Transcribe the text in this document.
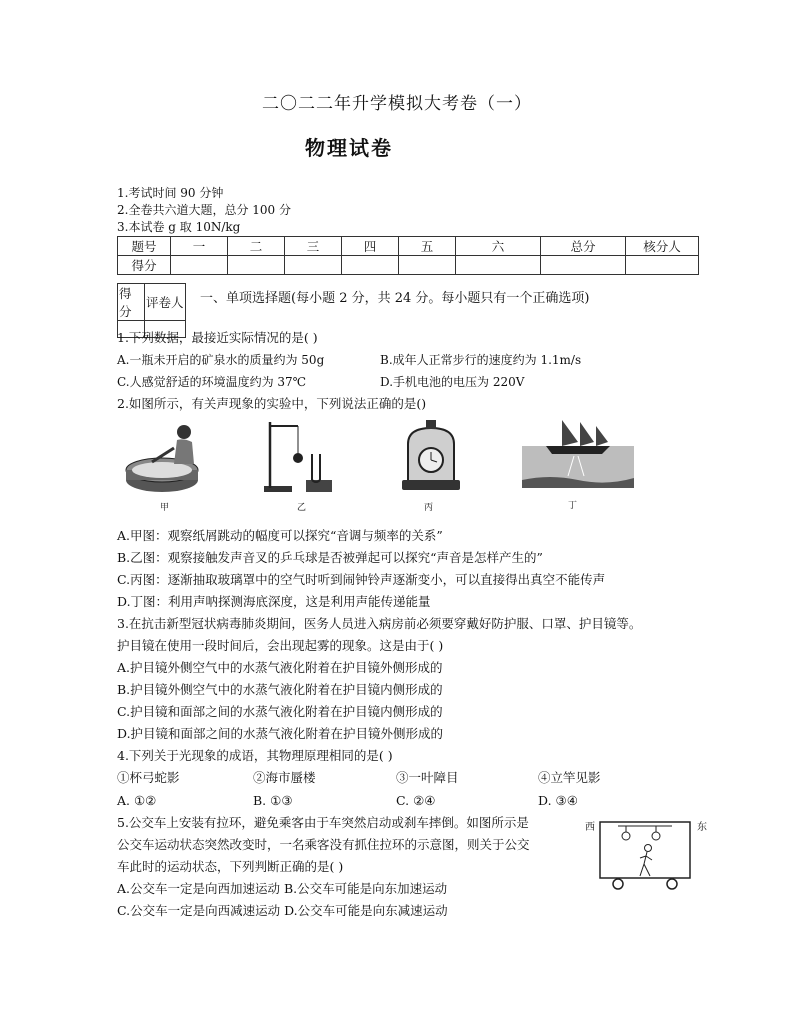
二〇二二年升学模拟大考卷（一）
物理试卷
1.考试时间 90 分钟
2.全卷共六道大题，总分 100 分
3.本试卷 g 取 10N/kg
题号	一	二	三	四	五	六	总分	核分人
得分								
得分	评卷人
	一、单项选择题(每小题 2 分，共 24 分。每小题只有一个正确选项)
1.下列数据，最接近实际情况的是( )
A.一瓶未开启的矿泉水的质量约为 50g	B.成年人正常步行的速度约为 1.1m/s
C.人感觉舒适的环境温度约为 37℃	D.手机电池的电压为 220V
2.如图所示，有关声现象的实验中，下列说法正确的是()
甲	乙	丙	丁
A.甲图：观察纸屑跳动的幅度可以探究“音调与频率的关系”
B.乙图：观察接触发声音叉的乒乓球是否被弹起可以探究“声音是怎样产生的”
C.丙图：逐渐抽取玻璃罩中的空气时听到闹钟铃声逐渐变小，可以直接得出真空不能传声
D.丁图：利用声呐探测海底深度，这是利用声能传递能量
3.在抗击新型冠状病毒肺炎期间，医务人员进入病房前必须要穿戴好防护服、口罩、护目镜等。
护目镜在使用一段时间后，会出现起雾的现象。这是由于( )
A.护目镜外侧空气中的水蒸气液化附着在护目镜外侧形成的
B.护目镜外侧空气中的水蒸气液化附着在护目镜内侧形成的
C.护目镜和面部之间的水蒸气液化附着在护目镜内侧形成的
D.护目镜和面部之间的水蒸气液化附着在护目镜外侧形成的
4.下列关于光现象的成语，其物理原理相同的是( )
①杯弓蛇影	②海市蜃楼	③一叶障目	④立竿见影
A. ①②	B. ①③	C. ②④	D. ③④
5.公交车上安装有拉环，避免乘客由于车突然启动或刹车摔倒。如图所示是
公交车运动状态突然改变时，一名乘客没有抓住拉环的示意图，则关于公交
车此时的运动状态，下列判断正确的是( )
A.公交车一定是向西加速运动 B.公交车可能是向东加速运动
C.公交车一定是向西减速运动 D.公交车可能是向东减速运动
西	东
